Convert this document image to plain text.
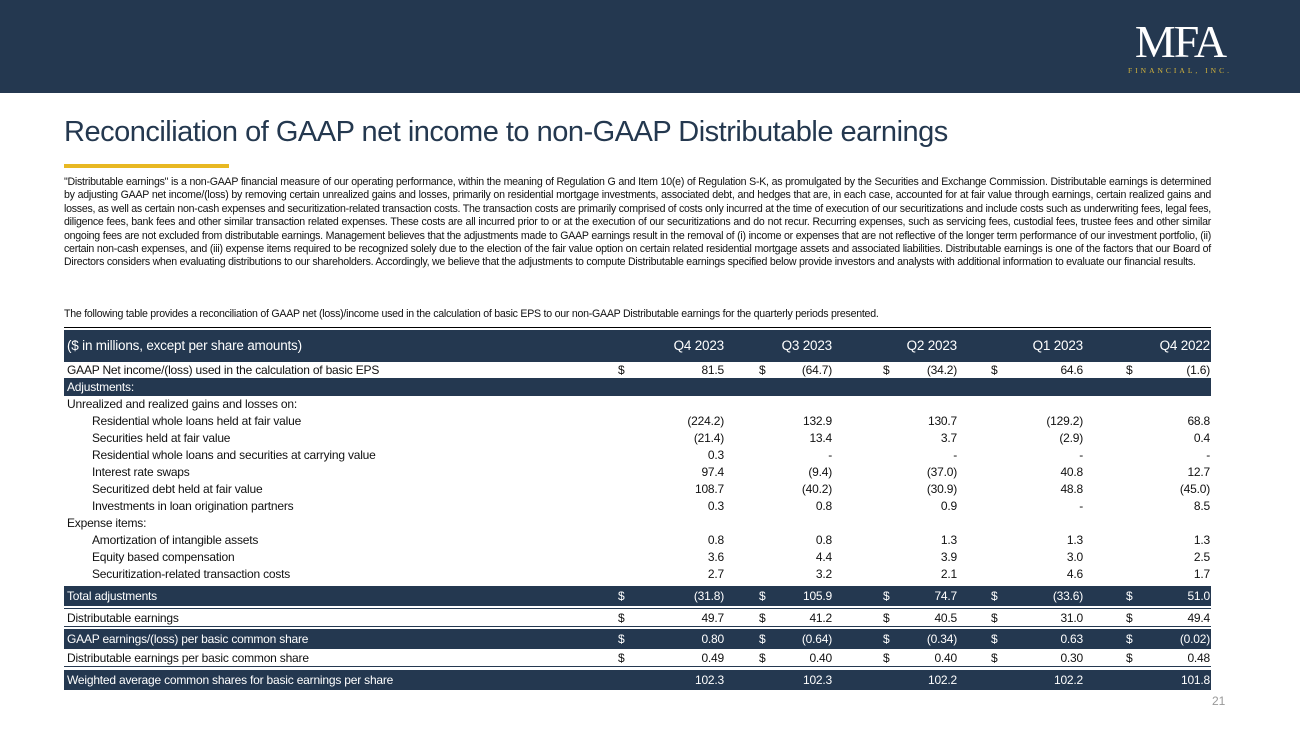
MFA
FINANCIAL, INC.
Reconciliation of GAAP net income to non-GAAP Distributable earnings
"Distributable earnings" is a non-GAAP financial measure of our operating performance, within the meaning of Regulation G and Item 10(e) of Regulation S-K, as promulgated by the Securities and Exchange Commission. Distributable earnings is determined by adjusting GAAP net income/(loss) by removing certain unrealized gains and losses, primarily on residential mortgage investments, associated debt, and hedges that are, in each case, accounted for at fair value through earnings, certain realized gains and losses, as well as certain non-cash expenses and securitization-related transaction costs. The transaction costs are primarily comprised of costs only incurred at the time of execution of our securitizations and include costs such as underwriting fees, legal fees, diligence fees, bank fees and other similar transaction related expenses. These costs are all incurred prior to or at the execution of our securitizations and do not recur. Recurring expenses, such as servicing fees, custodial fees, trustee fees and other similar ongoing fees are not excluded from distributable earnings. Management believes that the adjustments made to GAAP earnings result in the removal of (i) income or expenses that are not reflective of the longer term performance of our investment portfolio, (ii) certain non-cash expenses, and (iii) expense items required to be recognized solely due to the election of the fair value option on certain related residential mortgage assets and associated liabilities. Distributable earnings is one of the factors that our Board of Directors considers when evaluating distributions to our shareholders. Accordingly, we believe that the adjustments to compute Distributable earnings specified below provide investors and analysts with additional information to evaluate our financial results.
The following table provides a reconciliation of GAAP net (loss)/income used in the calculation of basic EPS to our non-GAAP Distributable earnings for the quarterly periods presented.
($ in millions, except per share amounts)	Q4 2023	Q3 2023	Q2 2023	Q1 2023	Q4 2022
GAAP Net income/(loss) used in the calculation of basic EPS	$	81.5	$	(64.7)	$	(34.2)	$	64.6	$	(1.6)
Adjustments:
Unrealized and realized gains and losses on:
Residential whole loans held at fair value	(224.2)	132.9	130.7	(129.2)	68.8
Securities held at fair value	(21.4)	13.4	3.7	(2.9)	0.4
Residential whole loans and securities at carrying value	0.3	-	-	-	-
Interest rate swaps	97.4	(9.4)	(37.0)	40.8	12.7
Securitized debt held at fair value	108.7	(40.2)	(30.9)	48.8	(45.0)
Investments in loan origination partners	0.3	0.8	0.9	-	8.5
Expense items:
Amortization of intangible assets	0.8	0.8	1.3	1.3	1.3
Equity based compensation	3.6	4.4	3.9	3.0	2.5
Securitization-related transaction costs	2.7	3.2	2.1	4.6	1.7
Total adjustments	$	(31.8)	$	105.9	$	74.7	$	(33.6)	$	51.0
Distributable earnings	$	49.7	$	41.2	$	40.5	$	31.0	$	49.4
GAAP earnings/(loss) per basic common share	$	0.80	$	(0.64)	$	(0.34)	$	0.63	$	(0.02)
Distributable earnings per basic common share	$	0.49	$	0.40	$	0.40	$	0.30	$	0.48
Weighted average common shares for basic earnings per share	102.3	102.3	102.2	102.2	101.8
21
